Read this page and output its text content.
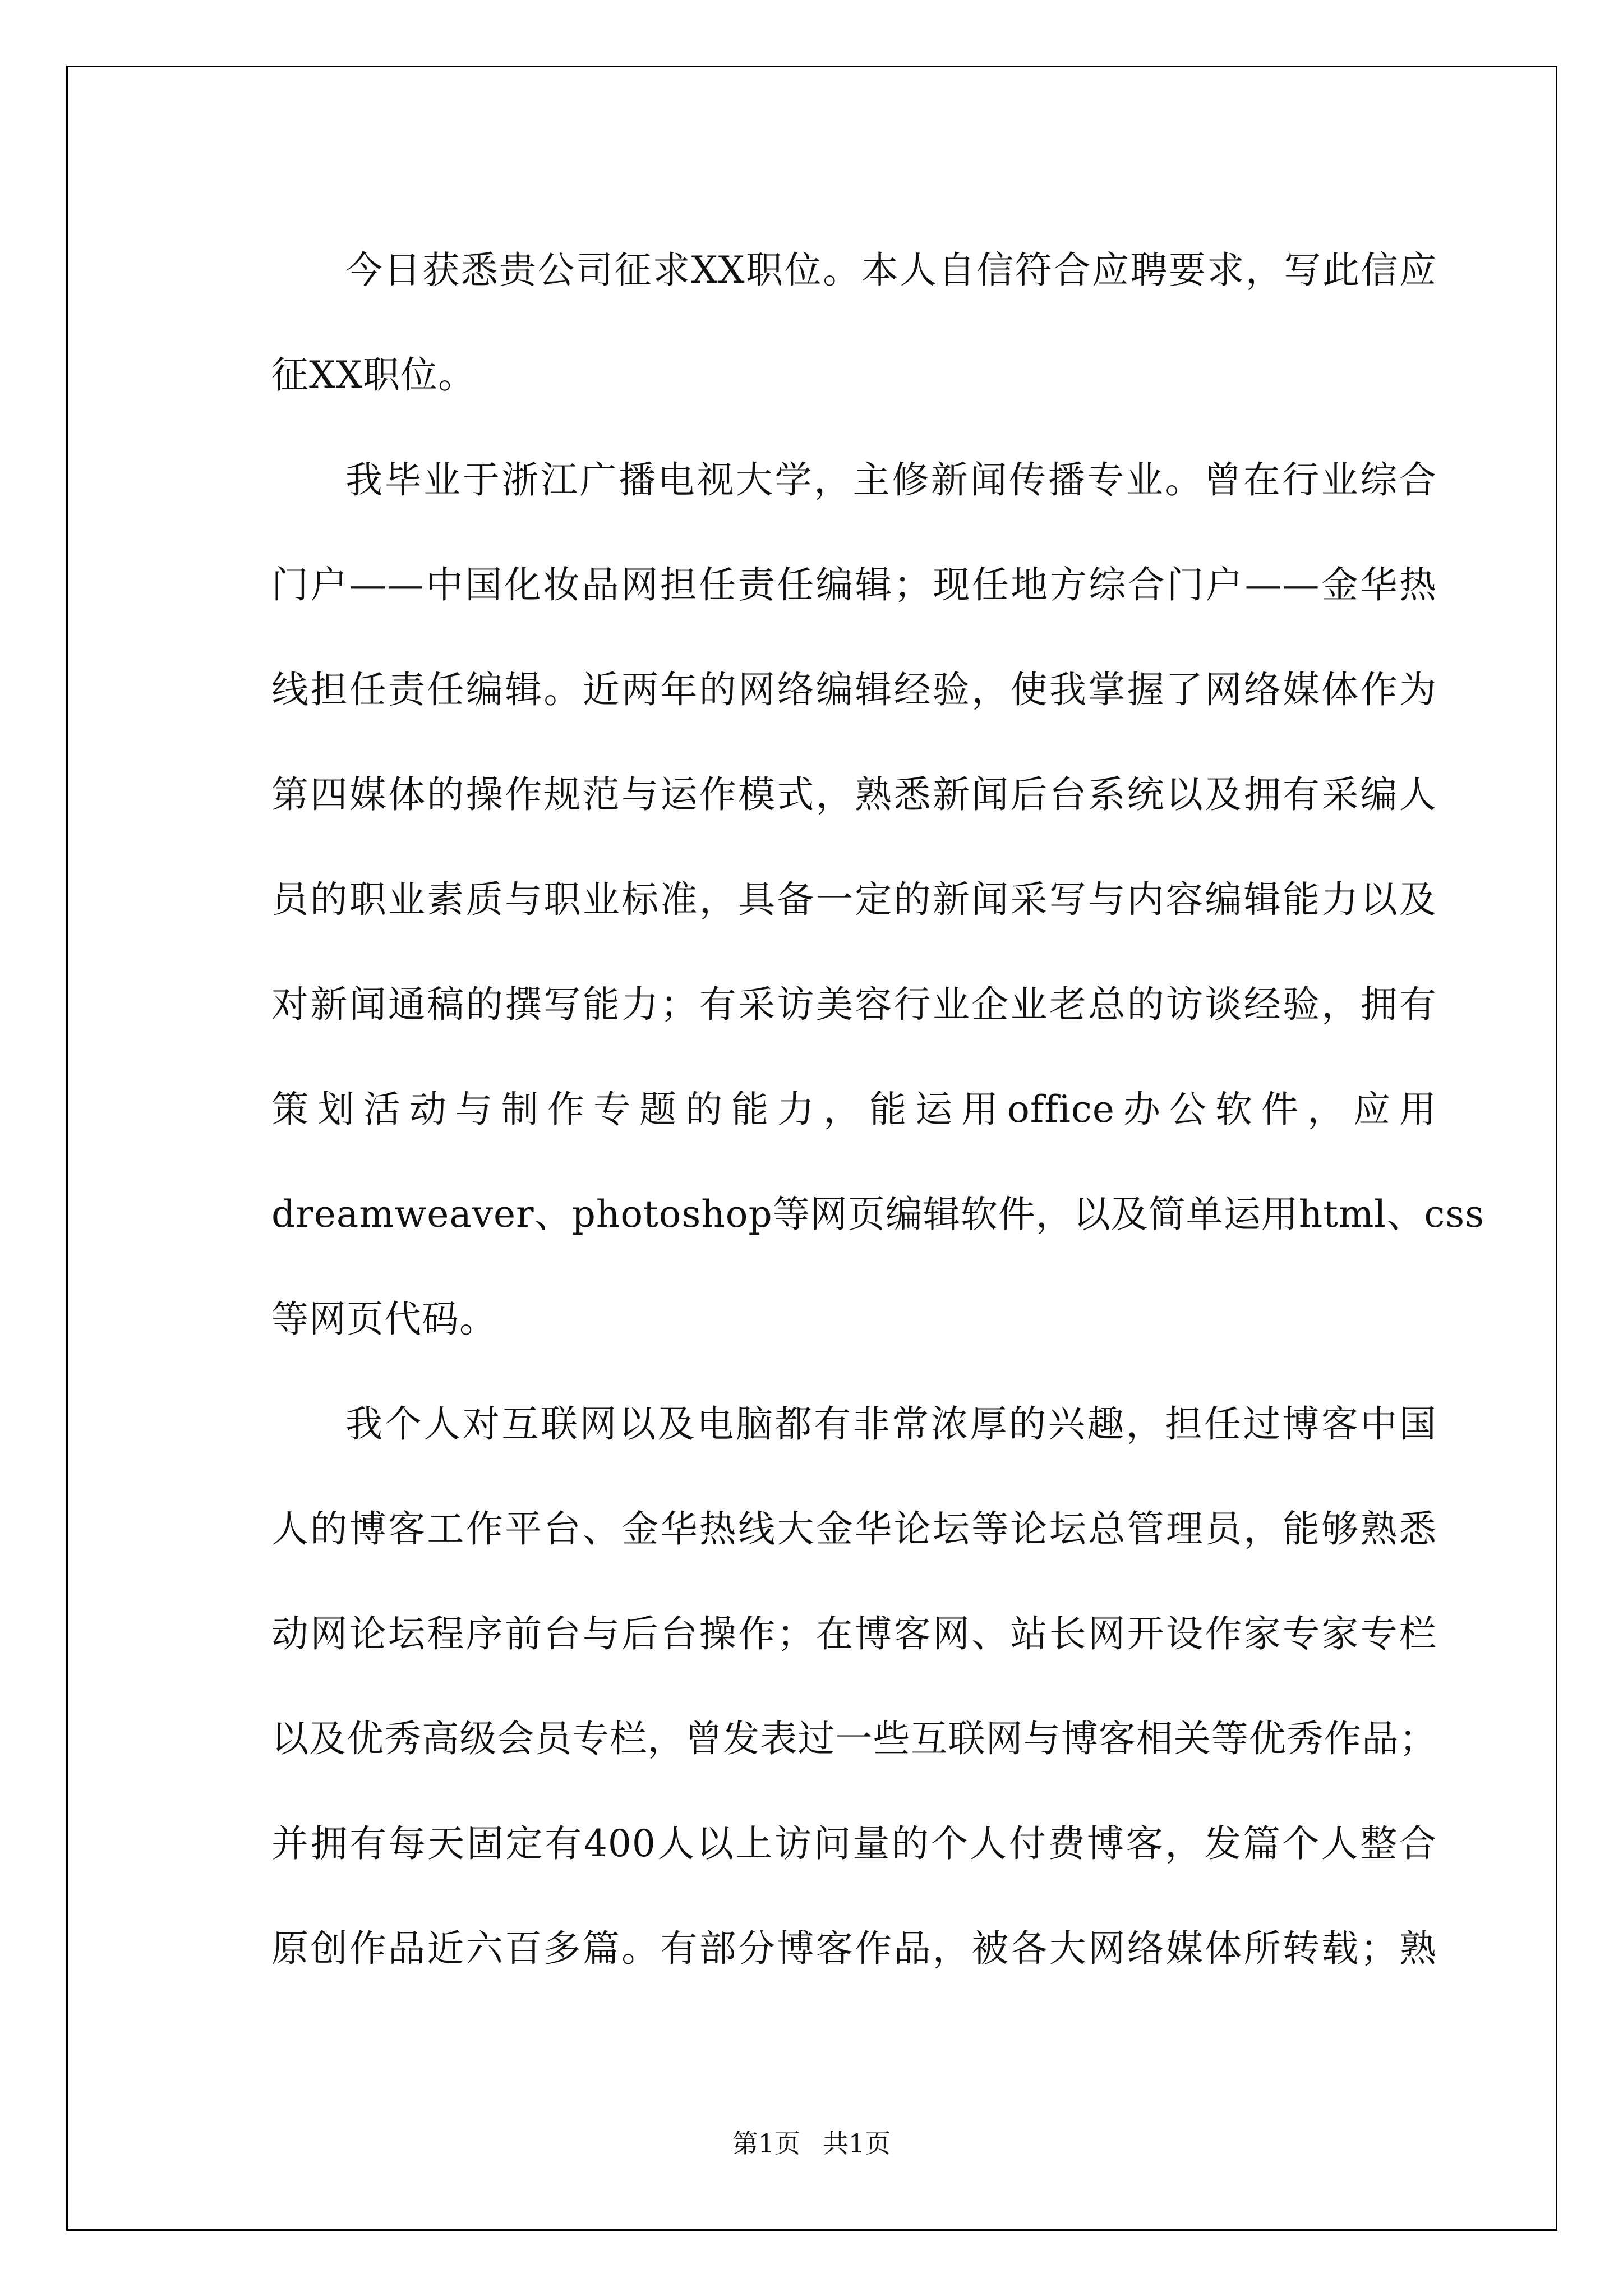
今日获悉贵公司征求XX职位。本人自信符合应聘要求，写此信应
征XX职位。
我毕业于浙江广播电视大学，主修新闻传播专业。曾在行业综合
门户——中国化妆品网担任责任编辑；现任地方综合门户——金华热
线担任责任编辑。近两年的网络编辑经验，使我掌握了网络媒体作为
第四媒体的操作规范与运作模式，熟悉新闻后台系统以及拥有采编人
员的职业素质与职业标准，具备一定的新闻采写与内容编辑能力以及
对新闻通稿的撰写能力；有采访美容行业企业老总的访谈经验，拥有
策划活动与制作专题的能力，能运用office办公软件，应用
dreamweaver、photoshop等网页编辑软件，以及简单运用html、css
等网页代码。
我个人对互联网以及电脑都有非常浓厚的兴趣，担任过博客中国
人的博客工作平台、金华热线大金华论坛等论坛总管理员，能够熟悉
动网论坛程序前台与后台操作；在博客网、站长网开设作家专家专栏
以及优秀高级会员专栏，曾发表过一些互联网与博客相关等优秀作品；
并拥有每天固定有400人以上访问量的个人付费博客，发篇个人整合
原创作品近六百多篇。有部分博客作品，被各大网络媒体所转载；熟
第1页 共1页
